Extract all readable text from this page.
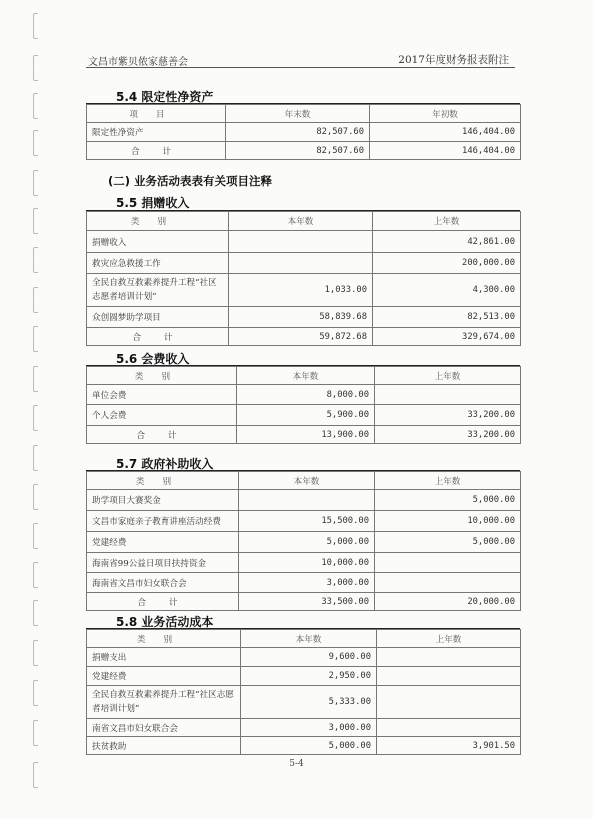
文昌市紫贝侬家慈善会	2017年度财务报表附注
5.4 限定性净资产
项目	年末数	年初数
限定性净资产	82,507.60	146,404.00
合 计	82,507.60	146,404.00
(二) 业务活动表表有关项目注释
5.5 捐赠收入
类别	本年数	上年数
捐赠收入		42,861.00
救灾应急救援工作		200,000.00
全民自救互救素养提升工程“社区志愿者培训计划”	1,033.00	4,300.00
众创圆梦助学项目	58,839.68	82,513.00
合 计	59,872.68	329,674.00
5.6 会费收入
类别	本年数	上年数
单位会费	8,000.00	
个人会费	5,900.00	33,200.00
合 计	13,900.00	33,200.00
5.7 政府补助收入
类别	本年数	上年数
助学项目大赛奖金		5,000.00
文昌市家庭亲子教育讲座活动经费	15,500.00	10,000.00
党建经费	5,000.00	5,000.00
海南省99公益日项目扶持资金	10,000.00	
海南省文昌市妇女联合会	3,000.00	
合 计	33,500.00	20,000.00
5.8 业务活动成本
类别	本年数	上年数
捐赠支出	9,600.00	
党建经费	2,950.00	
全民自救互救素养提升工程“社区志愿者培训计划”	5,333.00	
南省文昌市妇女联合会	3,000.00	
扶贫救助	5,000.00	3,901.50
5-4
